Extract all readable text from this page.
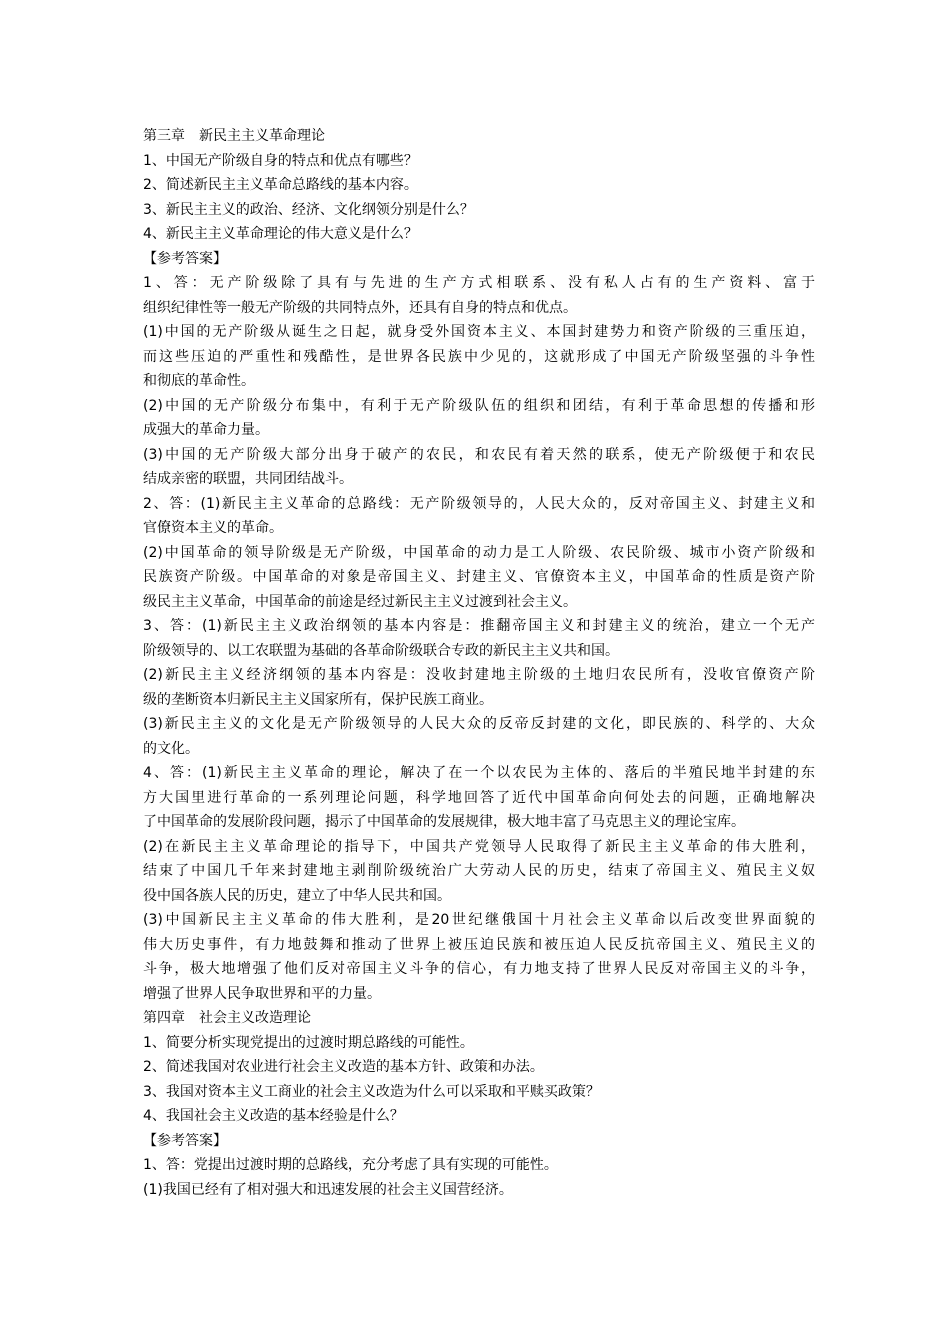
第三章　新民主主义革命理论
1、中国无产阶级自身的特点和优点有哪些？
2、简述新民主主义革命总路线的基本内容。
3、新民主主义的政治、经济、文化纲领分别是什么？
4、新民主主义革命理论的伟大意义是什么？
【参考答案】
1、答：无产阶级除了具有与先进的生产方式相联系、没有私人占有的生产资料、富于
组织纪律性等一般无产阶级的共同特点外，还具有自身的特点和优点。
(1)中国的无产阶级从诞生之日起，就身受外国资本主义、本国封建势力和资产阶级的三重压迫，
而这些压迫的严重性和残酷性，是世界各民族中少见的，这就形成了中国无产阶级坚强的斗争性
和彻底的革命性。
(2)中国的无产阶级分布集中，有利于无产阶级队伍的组织和团结，有利于革命思想的传播和形
成强大的革命力量。
(3)中国的无产阶级大部分出身于破产的农民，和农民有着天然的联系，使无产阶级便于和农民
结成亲密的联盟，共同团结战斗。
2、答：(1)新民主主义革命的总路线：无产阶级领导的，人民大众的，反对帝国主义、封建主义和
官僚资本主义的革命。
(2)中国革命的领导阶级是无产阶级，中国革命的动力是工人阶级、农民阶级、城市小资产阶级和
民族资产阶级。中国革命的对象是帝国主义、封建主义、官僚资本主义，中国革命的性质是资产阶
级民主主义革命，中国革命的前途是经过新民主主义过渡到社会主义。
3、答：(1)新民主主义政治纲领的基本内容是：推翻帝国主义和封建主义的统治，建立一个无产
阶级领导的、以工农联盟为基础的各革命阶级联合专政的新民主主义共和国。
(2)新民主主义经济纲领的基本内容是：没收封建地主阶级的土地归农民所有，没收官僚资产阶
级的垄断资本归新民主主义国家所有，保护民族工商业。
(3)新民主主义的文化是无产阶级领导的人民大众的反帝反封建的文化，即民族的、科学的、大众
的文化。
4、答：(1)新民主主义革命的理论，解决了在一个以农民为主体的、落后的半殖民地半封建的东
方大国里进行革命的一系列理论问题，科学地回答了近代中国革命向何处去的问题，正确地解决
了中国革命的发展阶段问题，揭示了中国革命的发展规律，极大地丰富了马克思主义的理论宝库。
(2)在新民主主义革命理论的指导下，中国共产党领导人民取得了新民主主义革命的伟大胜利，
结束了中国几千年来封建地主剥削阶级统治广大劳动人民的历史，结束了帝国主义、殖民主义奴
役中国各族人民的历史，建立了中华人民共和国。
(3)中国新民主主义革命的伟大胜利，是20世纪继俄国十月社会主义革命以后改变世界面貌的
伟大历史事件，有力地鼓舞和推动了世界上被压迫民族和被压迫人民反抗帝国主义、殖民主义的
斗争，极大地增强了他们反对帝国主义斗争的信心，有力地支持了世界人民反对帝国主义的斗争，
增强了世界人民争取世界和平的力量。
第四章　社会主义改造理论
1、简要分析实现党提出的过渡时期总路线的可能性。
2、简述我国对农业进行社会主义改造的基本方针、政策和办法。
3、我国对资本主义工商业的社会主义改造为什么可以采取和平赎买政策？
4、我国社会主义改造的基本经验是什么？
【参考答案】
1、答：党提出过渡时期的总路线，充分考虑了具有实现的可能性。
(1)我国已经有了相对强大和迅速发展的社会主义国营经济。
